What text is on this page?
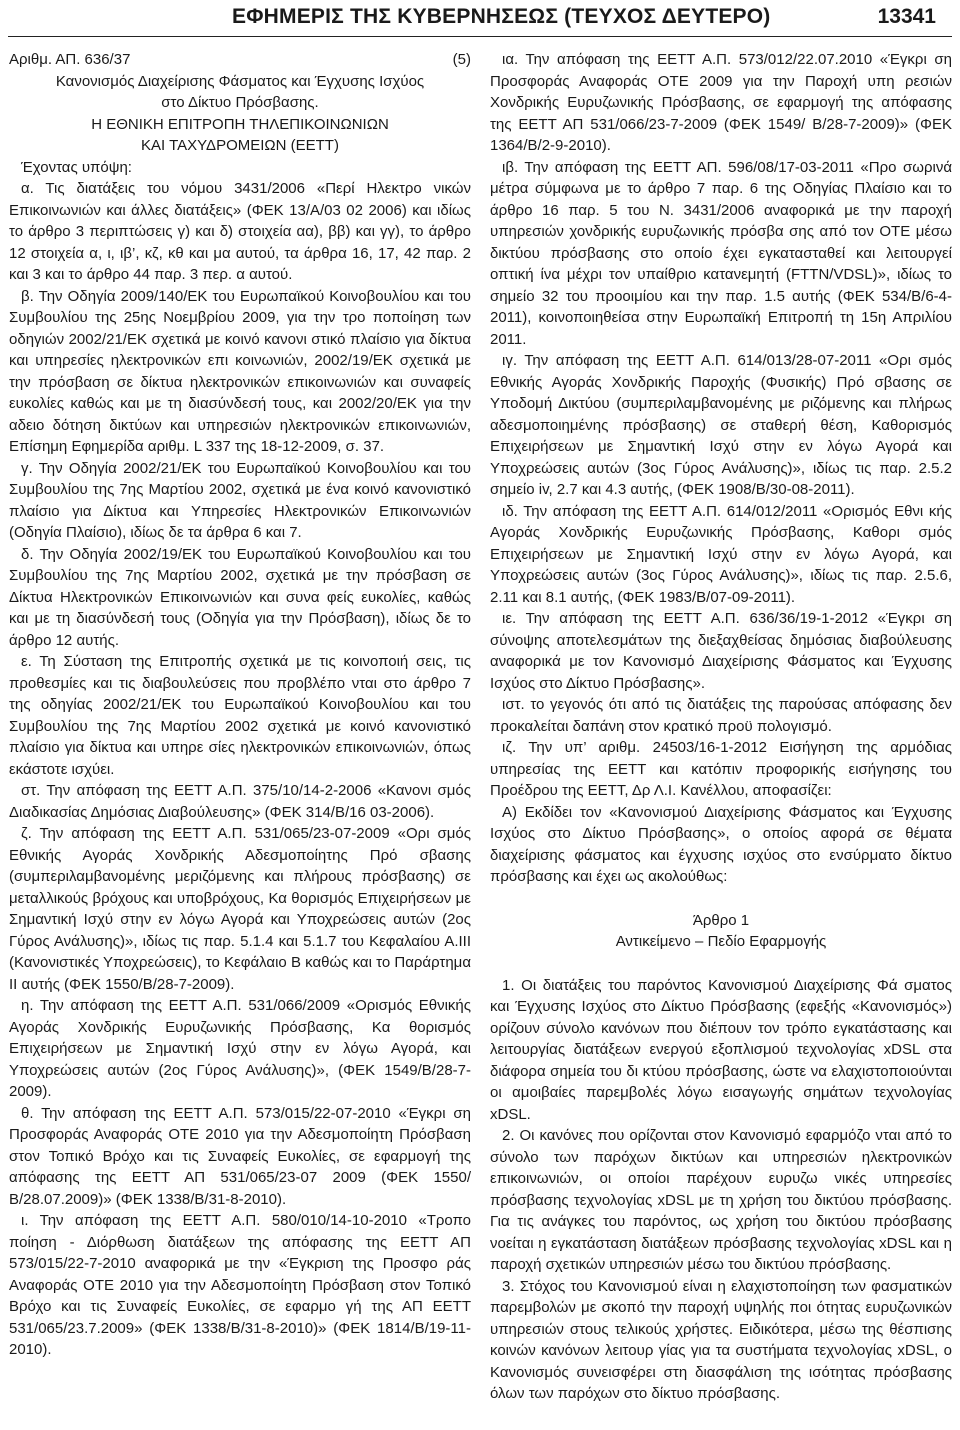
ΕΦΗΜΕΡΙΣ ΤΗΣ ΚΥΒΕΡΝΗΣΕΩΣ (ΤΕΥΧΟΣ ΔΕΥΤΕΡΟ)	13341
Αριθμ. ΑΠ. 636/37	(5)

Κανονισμός Διαχείρισης Φάσματος και Έγχυσης Ισχύος

στο Δίκτυο Πρόσβασης.

Η ΕΘΝΙΚΗ ΕΠΙΤΡΟΠΗ ΤΗΛΕΠΙΚΟΙΝΩΝΙΩΝ

ΚΑΙ ΤΑΧΥΔΡΟΜΕΙΩΝ (ΕΕΤΤ)

Έχοντας υπόψη:

α. Τις διατάξεις του νόμου 3431/2006 «Περί Ηλεκτρο νικών Επικοινωνιών και άλλες διατάξεις» (ΦΕΚ 13/Α/03 02 2006) και ιδίως το άρθρο 3 περιπτώσεις γ) και δ) στοιχεία αα), ββ) και γγ), το άρθρο 12 στοιχεία α, ι, ιβ’, κζ, κθ και μα αυτού, τα άρθρα 16, 17, 42 παρ. 2 και 3 και το άρθρο 44 παρ. 3 περ. α αυτού.

β. Την Οδηγία 2009/140/ΕΚ του Ευρωπαϊκού Κοινοβουλίου και του Συμβουλίου της 25ης Νοεμβρίου 2009, για την τρο ποποίηση των οδηγιών 2002/21/ΕΚ σχετικά με κοινό κανονι στικό πλαίσιο για δίκτυα και υπηρεσίες ηλεκτρονικών επι κοινωνιών, 2002/19/ΕΚ σχετικά με την πρόσβαση σε δίκτυα ηλεκτρονικών επικοινωνιών και συναφείς ευκολίες καθώς και με τη διασύνδεσή τους, και 2002/20/ΕΚ για την αδειο δότηση δικτύων και υπηρεσιών ηλεκτρονικών επικοινωνιών, Επίσημη Εφημερίδα αριθμ. L 337 της 18-12-2009, σ. 37.

γ. Την Οδηγία 2002/21/ΕΚ του Ευρωπαϊκού Κοινοβουλίου και του Συμβουλίου της 7ης Μαρτίου 2002, σχετικά με ένα κοινό κανονιστικό πλαίσιο για Δίκτυα και Υπηρεσίες Ηλεκτρονικών Επικοινωνιών (Οδηγία Πλαίσιο), ιδίως δε τα άρθρα 6 και 7.

δ. Την Οδηγία 2002/19/ΕΚ του Ευρωπαϊκού Κοινοβουλίου και του Συμβουλίου της 7ης Μαρτίου 2002, σχετικά με την πρόσβαση σε Δίκτυα Ηλεκτρονικών Επικοινωνιών και συνα φείς ευκολίες, καθώς και με τη διασύνδεσή τους (Οδηγία για την Πρόσβαση), ιδίως δε το άρθρο 12 αυτής.

ε. Τη Σύσταση της Επιτροπής σχετικά με τις κοινοποιή σεις, τις προθεσμίες και τις διαβουλεύσεις που προβλέπο νται στο άρθρο 7 της οδηγίας 2002/21/ΕΚ του Ευρωπαϊκού Κοινοβουλίου και του Συμβουλίου της 7ης Μαρτίου 2002 σχετικά με κοινό κανονιστικό πλαίσιο για δίκτυα και υπηρε σίες ηλεκτρονικών επικοινωνιών, όπως εκάστοτε ισχύει.

στ. Την απόφαση της ΕΕΤΤ Α.Π. 375/10/14-2-2006 «Κανονι σμός Διαδικασίας Δημόσιας Διαβούλευσης» (ΦΕΚ 314/Β/16 03-2006).

ζ. Την απόφαση της ΕΕΤΤ Α.Π. 531/065/23-07-2009 «Ορι σμός Εθνικής Αγοράς Χονδρικής Αδεσμοποίητης Πρό σβασης (συμπεριλαμβανομένης μεριζόμενης και πλήρους πρόσβασης) σε μεταλλικούς βρόχους και υποβρόχους, Κα θορισμός Επιχειρήσεων με Σημαντική Ισχύ στην εν λόγω Αγορά και Υποχρεώσεις αυτών (2ος Γύρος Ανάλυσης)», ιδίως τις παρ. 5.1.4 και 5.1.7 του Κεφαλαίου Α.ΙΙΙ (Κανονιστικές Υποχρεώσεις), το Κεφάλαιο Β καθώς και το Παράρτημα ΙΙ αυτής (ΦΕΚ 1550/Β/28-7-2009).

η. Την απόφαση της ΕΕΤΤ Α.Π. 531/066/2009 «Ορισμός Εθνικής Αγοράς Χονδρικής Ευρυζωνικής Πρόσβασης, Κα θορισμός Επιχειρήσεων με Σημαντική Ισχύ στην εν λόγω Αγορά, και Υποχρεώσεις αυτών (2ος Γύρος Ανάλυσης)», (ΦΕΚ 1549/Β/28-7-2009).

θ. Την απόφαση της ΕΕΤΤ Α.Π. 573/015/22-07-2010 «Έγκρι ση Προσφοράς Αναφοράς ΟΤΕ 2010 για την Αδεσμοποίητη Πρόσβαση στον Τοπικό Βρόχο και τις Συναφείς Ευκολίες, σε εφαρμογή της απόφασης της ΕΕΤΤ ΑΠ 531/065/23-07 2009 (ΦΕΚ 1550/Β/28.07.2009)» (ΦΕΚ 1338/Β/31-8-2010).

ι. Την απόφαση της ΕΕΤΤ Α.Π. 580/010/14-10-2010 «Τροπο ποίηση - Διόρθωση διατάξεων της απόφασης της ΕΕΤΤ ΑΠ 573/015/22-7-2010 αναφορικά με την «Έγκριση της Προσφο ράς Αναφοράς ΟΤΕ 2010 για την Αδεσμοποίητη Πρόσβαση στον Τοπικό Βρόχο και τις Συναφείς Ευκολίες, σε εφαρμο γή της ΑΠ ΕΕΤΤ 531/065/23.7.2009» (ΦΕΚ 1338/Β/31-8-2010)» (ΦΕΚ 1814/Β/19-11-2010).

ια. Την απόφαση της ΕΕΤΤ Α.Π. 573/012/22.07.2010 «Έγκρι ση Προσφοράς Αναφοράς ΟΤΕ 2009 για την Παροχή υπη ρεσιών Χονδρικής Ευρυζωνικής Πρόσβασης, σε εφαρμογή της απόφασης της ΕΕΤΤ ΑΠ 531/066/23-7-2009 (ΦΕΚ 1549/ Β/28-7-2009)» (ΦΕΚ 1364/Β/2-9-2010).

ιβ. Την απόφαση της ΕΕΤΤ ΑΠ. 596/08/17-03-2011 «Προ σωρινά μέτρα σύμφωνα με το άρθρο 7 παρ. 6 της Οδηγίας Πλαίσιο και το άρθρο 16 παρ. 5 του Ν. 3431/2006 αναφορικά με την παροχή υπηρεσιών χονδρικής ευρυζωνικής πρόσβα σης από τον ΟΤΕ μέσω δικτύου πρόσβασης στο οποίο έχει εγκατασταθεί και λειτουργεί οπτική ίνα μέχρι τον υπαίθριο κατανεμητή (FTTN/VDSL)», ιδίως το σημείο 32 του προοιμίου και την παρ. 1.5 αυτής (ΦΕΚ 534/Β/6-4-2011), κοινοποιηθείσα στην Ευρωπαϊκή Επιτροπή τη 15η Απριλίου 2011.

ιγ. Την απόφαση της ΕΕΤΤ Α.Π. 614/013/28-07-2011 «Ορι σμός Εθνικής Αγοράς Χονδρικής Παροχής (Φυσικής) Πρό σβασης σε Υποδομή Δικτύου (συμπεριλαμβανομένης με ριζόμενης και πλήρως αδεσμοποιημένης πρόσβασης) σε σταθερή θέση, Καθορισμός Επιχειρήσεων με Σημαντική Ισχύ στην εν λόγω Αγορά και Υποχρεώσεις αυτών (3ος Γύρος Ανάλυσης)», ιδίως τις παρ. 2.5.2 σημείο iv, 2.7 και 4.3 αυτής, (ΦΕΚ 1908/Β/30-08-2011).

ιδ. Την απόφαση της ΕΕΤΤ Α.Π. 614/012/2011 «Ορισμός Εθνι κής Αγοράς Χονδρικής Ευρυζωνικής Πρόσβασης, Καθορι σμός Επιχειρήσεων με Σημαντική Ισχύ στην εν λόγω Αγορά, και Υποχρεώσεις αυτών (3ος Γύρος Ανάλυσης)», ιδίως τις παρ. 2.5.6, 2.11 και 8.1 αυτής, (ΦΕΚ 1983/Β/07-09-2011).

ιε. Την απόφαση της ΕΕΤΤ Α.Π. 636/36/19-1-2012 «Έγκρι ση σύνοψης αποτελεσμάτων της διεξαχθείσας δημόσιας διαβούλευσης αναφορικά με τον Κανονισμό Διαχείρισης Φάσματος και Έγχυσης Ισχύος στο Δίκτυο Πρόσβασης».

ιστ. το γεγονός ότι από τις διατάξεις της παρούσας απόφασης δεν προκαλείται δαπάνη στον κρατικό προϋ πολογισμό.

ιζ. Την υπ’ αριθμ. 24503/16-1-2012 Εισήγηση της αρμόδιας υπηρεσίας της ΕΕΤΤ και κατόπιν προφορικής εισήγησης του Προέδρου της ΕΕΤΤ, Δρ Λ.Ι. Κανέλλου, αποφασίζει:

Α) Εκδίδει τον «Κανονισμού Διαχείρισης Φάσματος και Έγχυσης Ισχύος στο Δίκτυο Πρόσβασης», ο οποίος αφορά σε θέματα διαχείρισης φάσματος και έγχυσης ισχύος στο ενσύρματο δίκτυο πρόσβασης και έχει ως ακολούθως:

Άρθρο 1

Αντικείμενο – Πεδίο Εφαρμογής

1. Οι διατάξεις του παρόντος Κανονισμού Διαχείρισης Φά σματος και Έγχυσης Ισχύος στο Δίκτυο Πρόσβασης (εφεξής «Κανονισμός») ορίζουν σύνολο κανόνων που διέπουν τον τρόπο εγκατάστασης και λειτουργίας διατάξεων ενεργού εξοπλισμού τεχνολογίας xDSL στα διάφορα σημεία του δι κτύου πρόσβασης, ώστε να ελαχιστοποιούνται οι αμοιβαίες παρεμβολές λόγω εισαγωγής σημάτων τεχνολογίας xDSL.

2. Οι κανόνες που ορίζονται στον Κανονισμό εφαρμόζο νται από το σύνολο των παρόχων δικτύων και υπηρεσιών ηλεκτρονικών επικοινωνιών, οι οποίοι παρέχουν ευρυζω νικές υπηρεσίες πρόσβασης τεχνολογίας xDSL με τη χρήση του δικτύου πρόσβασης. Για τις ανάγκες του παρόντος, ως χρήση του δικτύου πρόσβασης νοείται η εγκατάσταση διατάξεων πρόσβασης τεχνολογίας xDSL και η παροχή σχετικών υπηρεσιών μέσω του δικτύου πρόσβασης.

3. Στόχος του Κανονισμού είναι η ελαχιστοποίηση των φασματικών παρεμβολών με σκοπό την παροχή υψηλής ποι ότητας ευρυζωνικών υπηρεσιών στους τελικούς χρήστες. Ειδικότερα, μέσω της θέσπισης κοινών κανόνων λειτουρ γίας για τα συστήματα τεχνολογίας xDSL, ο Κανονισμός συνεισφέρει στη διασφάλιση της ισότητας πρόσβασης όλων των παρόχων στο δίκτυο πρόσβασης.
